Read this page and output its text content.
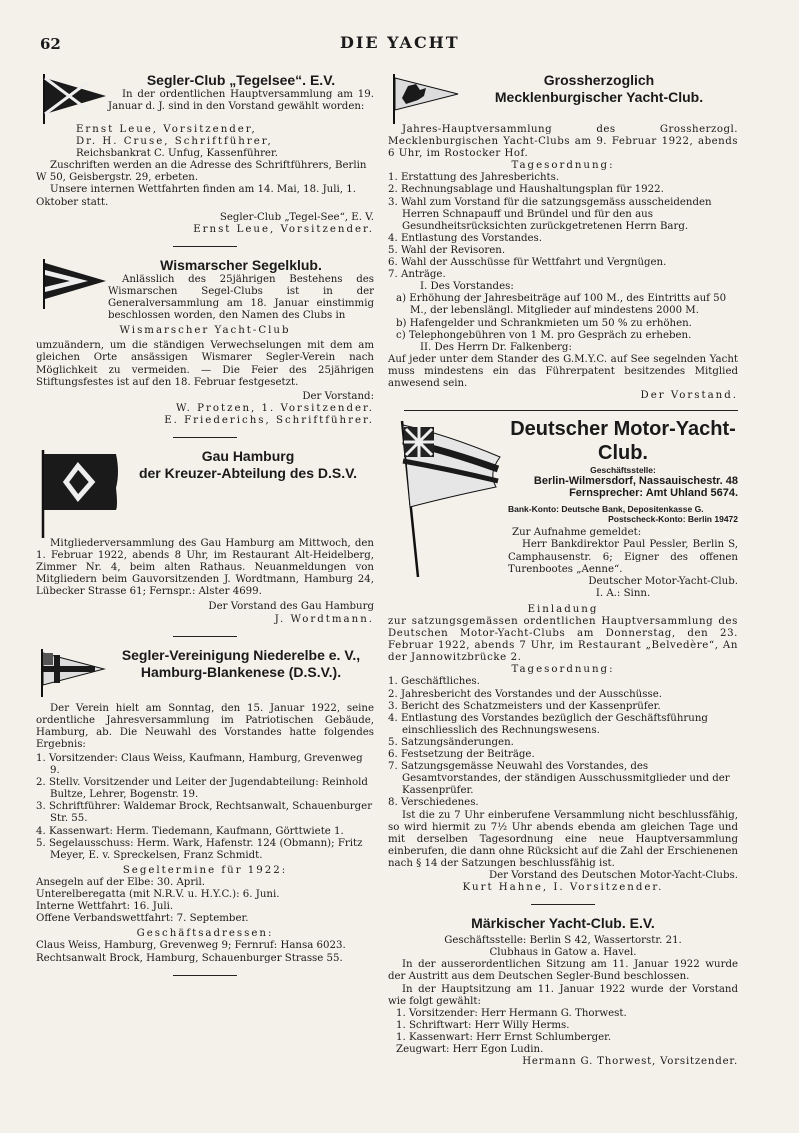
62	DIE YACHT
Segler-Club „Tegelsee“. E.V.

In der ordentlichen Hauptversammlung am 19. Januar d. J. sind in den Vorstand gewählt worden:

Ernst Leue, Vorsitzender,

Dr. H. Cruse, Schriftführer,

Reichsbankrat C. Unfug, Kassenführer.

Zuschriften werden an die Adresse des Schriftführers, Berlin W 50, Geisbergstr. 29, erbeten.

Unsere internen Wettfahrten finden am 14. Mai, 18. Juli, 1. Oktober statt.

Segler-Club „Tegel-See“, E. V.

Ernst Leue, Vorsitzender.

Wismarscher Segelklub.

Anlässlich des 25jährigen Bestehens des Wismarschen Segel-Clubs ist in der Generalversammlung am 18. Januar einstimmig beschlossen worden, den Namen des Clubs in

Wismarscher Yacht-Club

umzuändern, um die ständigen Verwechselungen mit dem am gleichen Orte ansässigen Wismarer Segler-Verein nach Möglichkeit zu vermeiden. — Die Feier des 25jährigen Stiftungsfestes ist auf den 18. Februar festgesetzt.

Der Vorstand:

W. Protzen, 1. Vorsitzender.

E. Friederichs, Schriftführer.

Gau Hamburg
der Kreuzer-Abteilung des D.S.V.

Mitgliederversammlung des Gau Hamburg am Mittwoch, den 1. Februar 1922, abends 8 Uhr, im Restaurant Alt-Heidelberg, Zimmer Nr. 4, beim alten Rathaus. Neuanmeldungen von Mitgliedern beim Gauvorsitzenden J. Wordtmann, Hamburg 24, Lübecker Strasse 61; Fernspr.: Alster 4699.

Der Vorstand des Gau Hamburg

J. Wordtmann.

Segler-Vereinigung Niederelbe e. V.,
Hamburg-Blankenese (D.S.V.).

Der Verein hielt am Sonntag, den 15. Januar 1922, seine ordentliche Jahresversammlung im Patriotischen Gebäude, Hamburg, ab. Die Neuwahl des Vorstandes hatte folgendes Ergebnis:

1. Vorsitzender: Claus Weiss, Kaufmann, Hamburg, Grevenweg 9.

2. Stellv. Vorsitzender und Leiter der Jugendabteilung: Reinhold Bultze, Lehrer, Bogenstr. 19.

3. Schriftführer: Waldemar Brock, Rechtsanwalt, Schauenburger Str. 55.

4. Kassenwart: Herm. Tiedemann, Kaufmann, Görttwiete 1.

5. Segelausschuss: Herm. Wark, Hafenstr. 124 (Obmann); Fritz Meyer, E. v. Spreckelsen, Franz Schmidt.

Segeltermine für 1922:

Ansegeln auf der Elbe: 30. April.

Unterelberegatta (mit N.R.V. u. H.Y.C.): 6. Juni.

Interne Wettfahrt: 16. Juli.

Offene Verbandswettfahrt: 7. September.

Geschäftsadressen:

Claus Weiss, Hamburg, Grevenweg 9; Fernruf: Hansa 6023.

Rechtsanwalt Brock, Hamburg, Schauenburger Strasse 55.

Grossherzoglich
Mecklenburgischer Yacht-Club.

Jahres-Hauptversammlung des Grossherzogl. Mecklenburgischen Yacht-Clubs am 9. Februar 1922, abends 6 Uhr, im Rostocker Hof.

Tagesordnung:

1. Erstattung des Jahresberichts.

2. Rechnungsablage und Haushaltungsplan für 1922.

3. Wahl zum Vorstand für die satzungsgemäss ausscheidenden Herren Schnapauff und Bründel und für den aus Gesundheitsrücksichten zurückgetretenen Herrn Barg.

4. Entlastung des Vorstandes.

5. Wahl der Revisoren.

6. Wahl der Ausschüsse für Wettfahrt und Vergnügen.

7. Anträge.

I. Des Vorstandes:

a) Erhöhung der Jahresbeiträge auf 100 M., des Eintritts auf 50 M., der lebenslängl. Mitglieder auf mindestens 2000 M.

b) Hafengelder und Schrankmieten um 50 % zu erhöhen.

c) Telephongebühren von 1 M. pro Gespräch zu erheben.

II. Des Herrn Dr. Falkenberg:

Auf jeder unter dem Stander des G.M.Y.C. auf See segelnden Yacht muss mindestens ein das Führerpatent besitzendes Mitglied anwesend sein.

Der Vorstand.

Deutscher Motor-Yacht-Club.

Geschäftsstelle:

Berlin-Wilmersdorf, Nassauischestr. 48

Fernsprecher: Amt Uhland 5674.

Bank-Konto: Deutsche Bank, Depositenkasse G.

Postscheck-Konto: Berlin 19472

Zur Aufnahme gemeldet:

Herr Bankdirektor Paul Pessler, Berlin S, Camphausenstr. 6; Eigner des offenen Turenbootes „Aenne“.

Deutscher Motor-Yacht-Club.

I. A.: Sinn.

Einladung

zur satzungsgemässen ordentlichen Hauptversammlung des Deutschen Motor-Yacht-Clubs am Donnerstag, den 23. Februar 1922, abends 7 Uhr, im Restaurant „Belvedère“, An der Jannowitzbrücke 2.

Tagesordnung:

1. Geschäftliches.

2. Jahresbericht des Vorstandes und der Ausschüsse.

3. Bericht des Schatzmeisters und der Kassenprüfer.

4. Entlastung des Vorstandes bezüglich der Geschäftsführung einschliesslich des Rechnungswesens.

5. Satzungsänderungen.

6. Festsetzung der Beiträge.

7. Satzungsgemässe Neuwahl des Vorstandes, des Gesamtvorstandes, der ständigen Ausschussmitglieder und der Kassenprüfer.

8. Verschiedenes.

Ist die zu 7 Uhr einberufene Versammlung nicht beschlussfähig, so wird hiermit zu 7½ Uhr abends ebenda am gleichen Tage und mit derselben Tagesordnung eine neue Hauptversammlung einberufen, die dann ohne Rücksicht auf die Zahl der Erschienenen nach § 14 der Satzungen beschlussfähig ist.

Der Vorstand des Deutschen Motor-Yacht-Clubs.

Kurt Hahne, I. Vorsitzender.

Märkischer Yacht-Club. E.V.

Geschäftsstelle: Berlin S 42, Wassertorstr. 21.

Clubhaus in Gatow a. Havel.

In der ausserordentlichen Sitzung am 11. Januar 1922 wurde der Austritt aus dem Deutschen Segler-Bund beschlossen.

In der Hauptsitzung am 11. Januar 1922 wurde der Vorstand wie folgt gewählt:

1. Vorsitzender: Herr Hermann G. Thorwest.

1. Schriftwart: Herr Willy Herms.

1. Kassenwart: Herr Ernst Schlumberger.

Zeugwart: Herr Egon Ludin.

Hermann G. Thorwest, Vorsitzender.
